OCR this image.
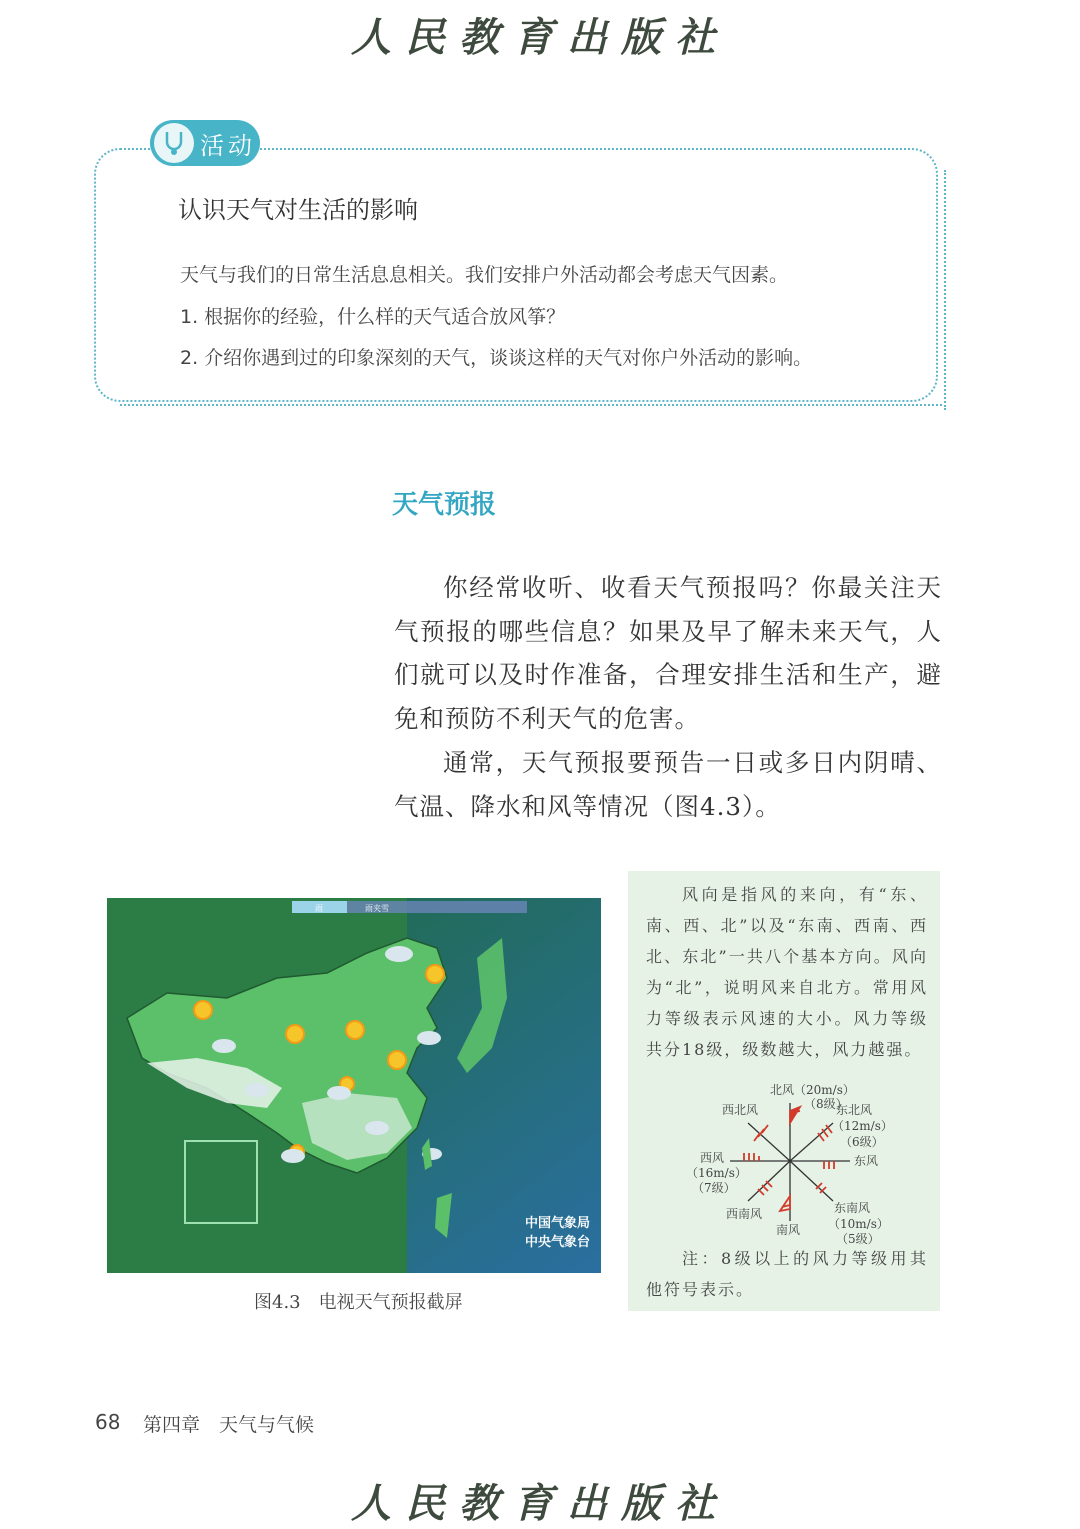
人民教育出版社
活动
认识天气对生活的影响
天气与我们的日常生活息息相关。我们安排户外活动都会考虑天气因素。
1. 根据你的经验，什么样的天气适合放风筝？
2. 介绍你遇到过的印象深刻的天气，谈谈这样的天气对你户外活动的影响。
天气预报
你经常收听、收看天气预报吗？你最关注天气预报的哪些信息？如果及早了解未来天气，人们就可以及时作准备，合理安排生活和生产，避免和预防不利天气的危害。
通常，天气预报要预告一日或多日内阴晴、气温、降水和风等情况（图4.3）。
雨	雨夹雪
中国气象局
中央气象台
图4.3　电视天气预报截屏
风向是指风的来向，有“东、南、西、北”以及“东南、西南、西北、东北”一共八个基本方向。风向为“北”，说明风来自北方。常用风力等级表示风速的大小。风力等级共分18级，级数越大，风力越强。
北风（20m/s）
（8级）
西北风	东北风
（12m/s）
（6级）
东风
西风
（16m/s）
（7级）
西南风	东南风
（10m/s）
（5级）
南风
注：8级以上的风力等级用其他符号表示。
68 第四章　天气与气候
人民教育出版社
